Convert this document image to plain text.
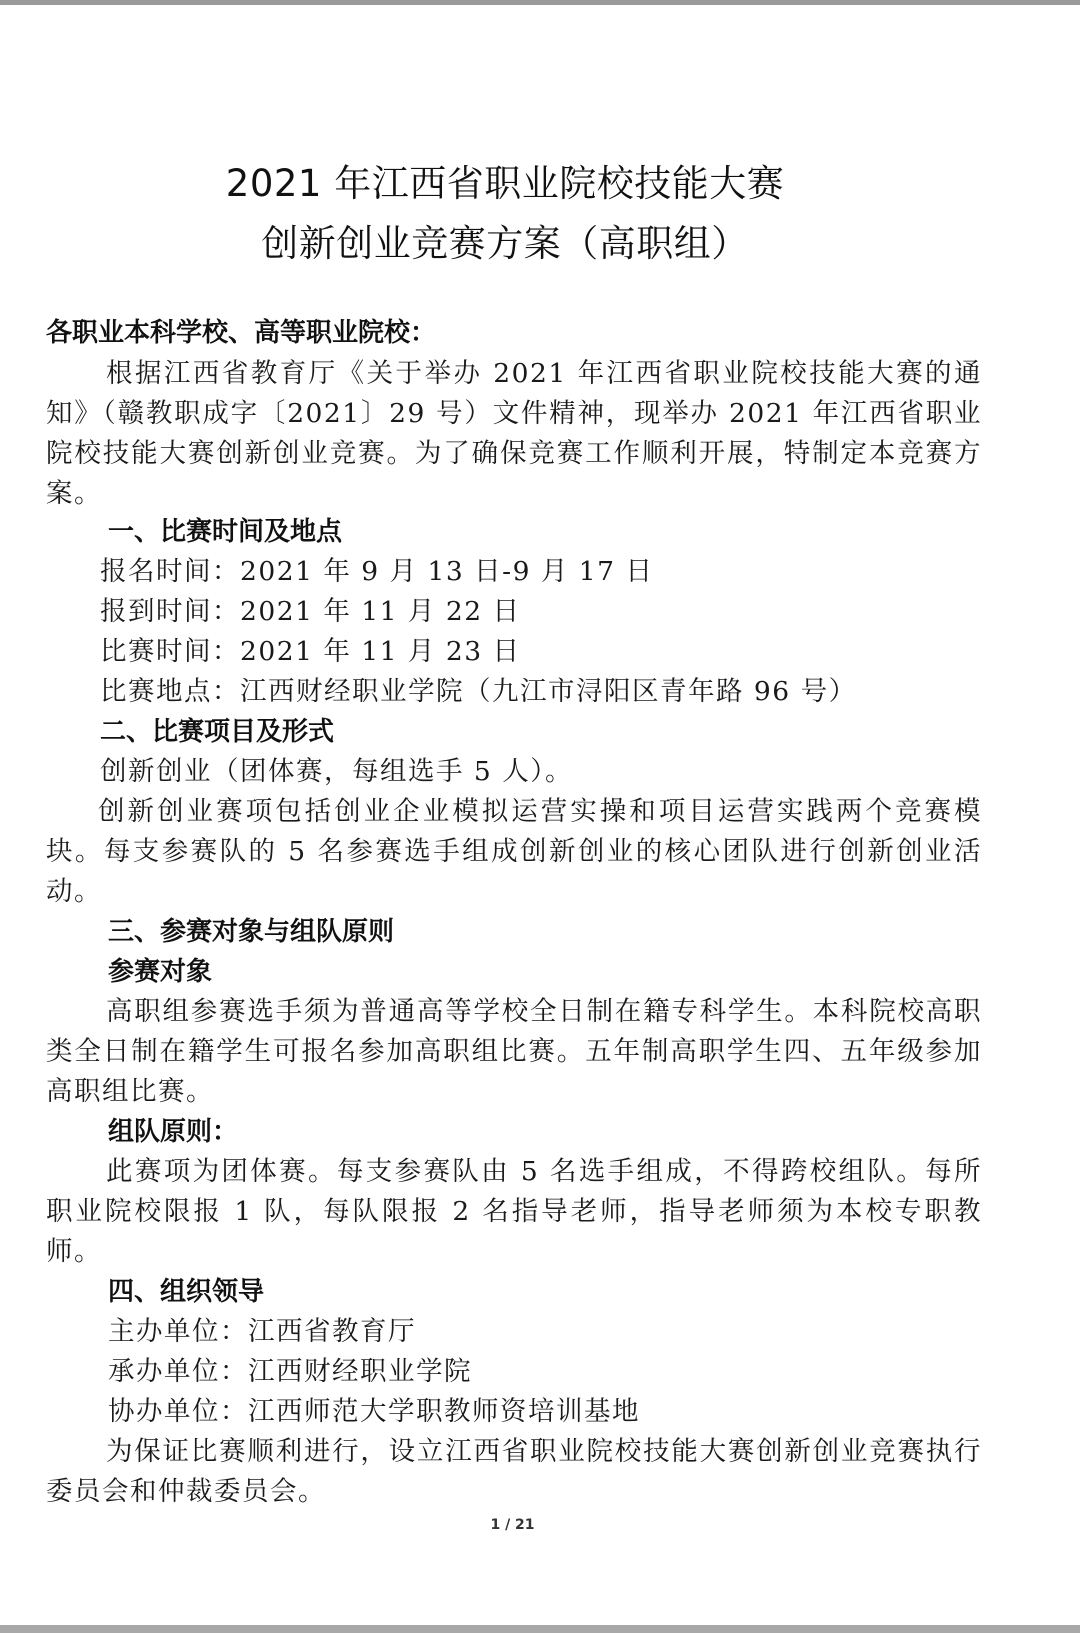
2021 年江西省职业院校技能大赛
创新创业竞赛方案（高职组）

各职业本科学校、高等职业院校：

根据江西省教育厅《关于举办 2021 年江西省职业院校技能大赛的通知》（赣教职成字〔2021〕29 号）文件精神，现举办 2021 年江西省职业院校技能大赛创新创业竞赛。为了确保竞赛工作顺利开展，特制定本竞赛方案。

一、比赛时间及地点

报名时间：2021 年 9 月 13 日-9 月 17 日

报到时间：2021 年 11 月 22 日

比赛时间：2021 年 11 月 23 日

比赛地点：江西财经职业学院（九江市浔阳区青年路 96 号）

二、比赛项目及形式

创新创业（团体赛，每组选手 5 人）。

创新创业赛项包括创业企业模拟运营实操和项目运营实践两个竞赛模块。每支参赛队的 5 名参赛选手组成创新创业的核心团队进行创新创业活动。

三、参赛对象与组队原则

参赛对象

高职组参赛选手须为普通高等学校全日制在籍专科学生。本科院校高职类全日制在籍学生可报名参加高职组比赛。五年制高职学生四、五年级参加高职组比赛。

组队原则：

此赛项为团体赛。每支参赛队由 5 名选手组成，不得跨校组队。每所职业院校限报 1 队，每队限报 2 名指导老师，指导老师须为本校专职教师。

四、组织领导

主办单位：江西省教育厅

承办单位：江西财经职业学院

协办单位：江西师范大学职教师资培训基地

为保证比赛顺利进行，设立江西省职业院校技能大赛创新创业竞赛执行委员会和仲裁委员会。

1 / 21
